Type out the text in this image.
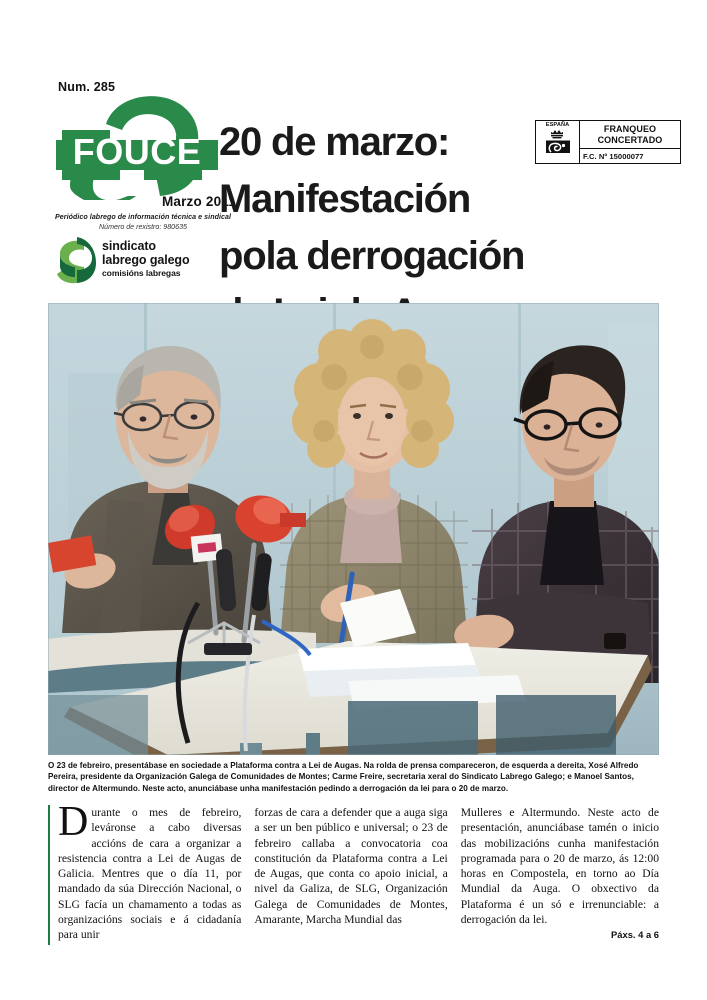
Num. 285
FOUCE
Marzo 2011
Periódico labrego de información técnica e sindical
Número de rexistro: 980635
sindicato
labrego galego
comisións labregas
20 de marzo:
Manifestación
pola derrogación
ESPAÑA	FRANQUEO
CONCERTADO
F.C. Nº 15000077
O 23 de febreiro, presentábase en sociedade a Plataforma contra a Lei de Augas. Na rolda de prensa compareceron, de esquerda a dereita, Xosé Alfredo Pereira, presidente da Organización Galega de Comunidades de Montes; Carme Freire, secretaria xeral do Sindicato Labrego Galego; e Manoel Santos, director de Altermundo. Neste acto, anunciábase unha manifestación pedindo a derrogación da lei para o 20 de marzo.
Durante o mes de febreiro, leváronse a cabo diversas accións de cara a organizar a resistencia contra a Lei de Augas de Galicia. Mentres que o día 11, por mandado da súa Dirección Nacional, o SLG facía un chamamento a todas as organizacións sociais e á cidadanía para unir
forzas de cara a defender que a auga siga a ser un ben público e universal; o 23 de febreiro callaba a convocatoria coa constitución da Plataforma contra a Lei de Augas, que conta co apoio inicial, a nivel da Galiza, de SLG, Organización Galega de Comunidades de Montes, Amarante, Marcha Mundial das
Mulleres e Altermundo. Neste acto de presentación, anunciábase tamén o inicio das mobilizacións cunha manifestación programada para o 20 de marzo, ás 12:00 horas en Compostela, en torno ao Día Mundial da Auga. O obxectivo da Plataforma é un só e irrenunciable: a derrogación da lei.
Páxs. 4 a 6
